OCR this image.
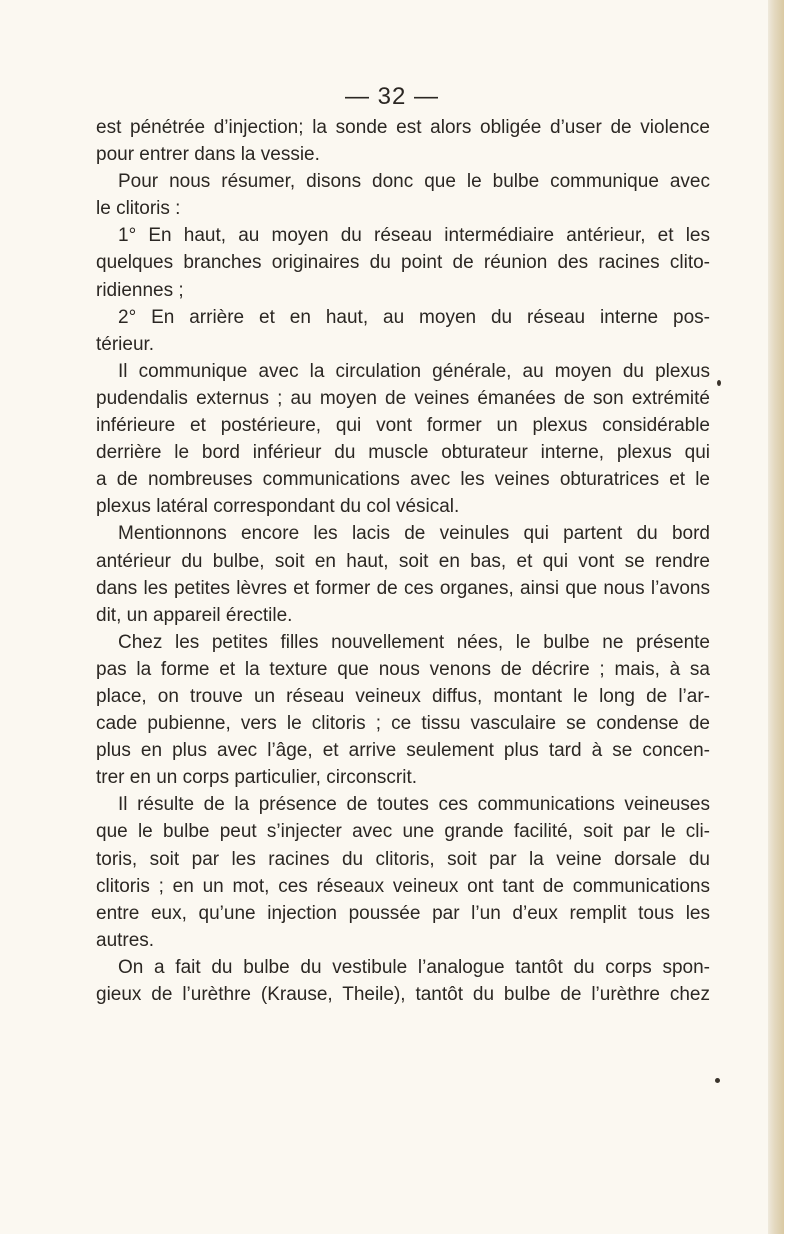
— 32 —
est pénétrée d’injection; la sonde est alors obligée d’user de violence
pour entrer dans la vessie.
Pour nous résumer, disons donc que le bulbe communique avec
le clitoris :
1° En haut, au moyen du réseau intermédiaire antérieur, et les
quelques branches originaires du point de réunion des racines clito-
ridiennes ;
2° En arrière et en haut, au moyen du réseau interne pos-
térieur.
Il communique avec la circulation générale, au moyen du plexus
pudendalis externus ; au moyen de veines émanées de son extrémité
inférieure et postérieure, qui vont former un plexus considérable
derrière le bord inférieur du muscle obturateur interne, plexus qui
a de nombreuses communications avec les veines obturatrices et le
plexus latéral correspondant du col vésical.
Mentionnons encore les lacis de veinules qui partent du bord
antérieur du bulbe, soit en haut, soit en bas, et qui vont se rendre
dans les petites lèvres et former de ces organes, ainsi que nous l’avons
dit, un appareil érectile.
Chez les petites filles nouvellement nées, le bulbe ne présente
pas la forme et la texture que nous venons de décrire ; mais, à sa
place, on trouve un réseau veineux diffus, montant le long de l’ar-
cade pubienne, vers le clitoris ; ce tissu vasculaire se condense de
plus en plus avec l’âge, et arrive seulement plus tard à se concen-
trer en un corps particulier, circonscrit.
Il résulte de la présence de toutes ces communications veineuses
que le bulbe peut s’injecter avec une grande facilité, soit par le cli-
toris, soit par les racines du clitoris, soit par la veine dorsale du
clitoris ; en un mot, ces réseaux veineux ont tant de communications
entre eux, qu’une injection poussée par l’un d’eux remplit tous les
autres.
On a fait du bulbe du vestibule l’analogue tantôt du corps spon-
gieux de l’urèthre (Krause, Theile), tantôt du bulbe de l’urèthre chez
